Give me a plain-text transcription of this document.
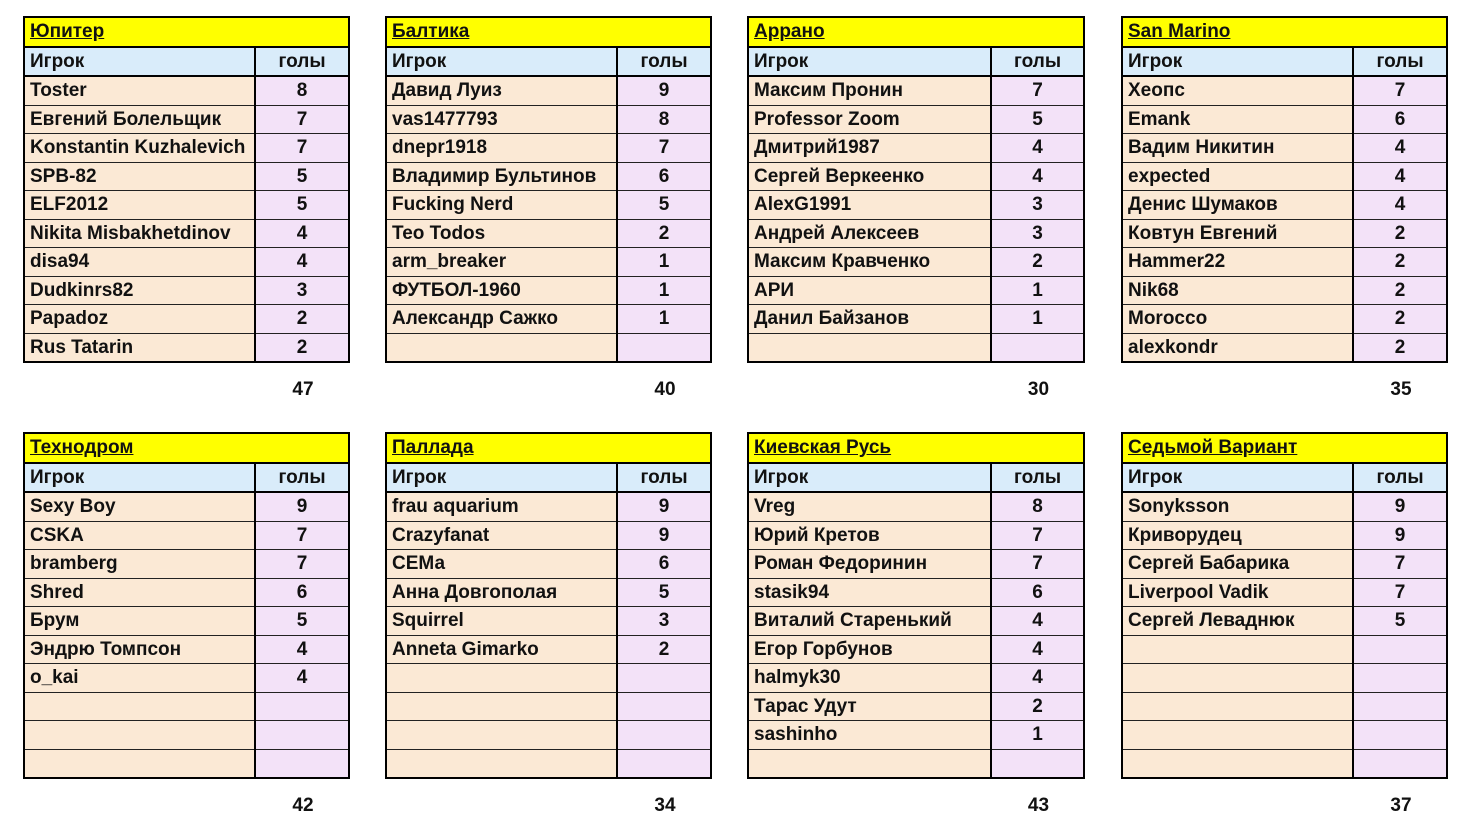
Юпитер	
Игрок	голы
Toster	8
Евгений Болельщик	7
Konstantin Kuzhalevich	7
SPB-82	5
ELF2012	5
Nikita Misbakhetdinov	4
disa94	4
Dudkinrs82	3
Papadoz	2
Rus Tatarin	2
47
Балтика	
Игрок	голы
Давид Луиз	9
vas1477793	8
dnepr1918	7
Владимир Бультинов	6
Fucking Nerd	5
Teo Todos	2
arm_breaker	1
ФУТБОЛ-1960	1
Александр Сажко	1

40
Аррано	
Игрок	голы
Максим Пронин	7
Professor Zoom	5
Дмитрий1987	4
Сергей Веркеенко	4
AlexG1991	3
Андрей Алексеев	3
Максим Кравченко	2
АРИ	1
Данил Байзанов	1

30
San Marino	
Игрок	голы
Хеопс	7
Emank	6
Вадим Никитин	4
expected	4
Денис Шумаков	4
Ковтун Евгений	2
Hammer22	2
Nik68	2
Morocco	2
alexkondr	2
35
Технодром	
Игрок	голы
Sexy Boy	9
CSKA	7
bramberg	7
Shred	6
Брум	5
Эндрю Томпсон	4
o_kai	4

42
Паллада	
Игрок	голы
frau aquarium	9
Crazyfanat	9
СЕМа	6
Анна Довгополая	5
Squirrel	3
Anneta Gimarko	2

34
Киевская Русь	
Игрок	голы
Vreg	8
Юрий Кретов	7
Роман Федоринин	7
stasik94	6
Виталий Старенький	4
Егор Горбунов	4
halmyk30	4
Тарас Удут	2
sashinho	1

43
Седьмой Вариант	
Игрок	голы
Sonyksson	9
Криворудец	9
Сергей Бабарика	7
Liverpool Vadik	7
Сергей Леваднюк	5

37
